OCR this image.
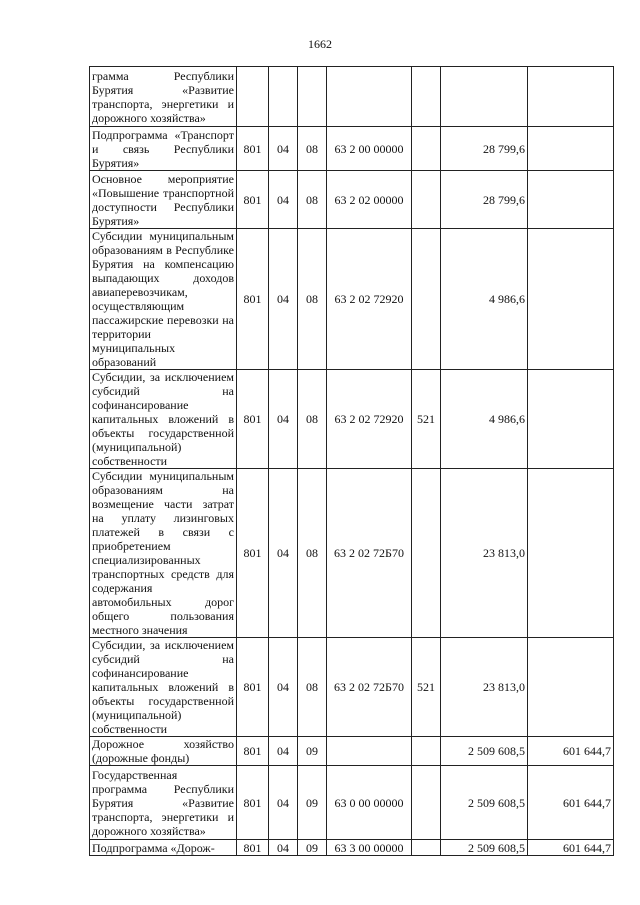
1662
грамма Республики Бурятия «Развитие транспорта, энергетики и дорожного хозяйства»							
Подпрограмма «Транспорт и связь Республики Бурятия»	801	04	08	63 2 00 00000		28 799,6	
Основное мероприятие «Повышение транспортной доступности Республики Бурятия»	801	04	08	63 2 02 00000		28 799,6	
Субсидии муниципальным образованиям в Республике Бурятия на компенсацию выпадающих доходов авиаперевозчикам, осуществляющим пассажирские перевозки на территории муниципальных образований	801	04	08	63 2 02 72920		4 986,6	
Субсидии, за исключением субсидий на софинансирование капитальных вложений в объекты государственной (муниципальной) собственности	801	04	08	63 2 02 72920	521	4 986,6	
Субсидии муниципальным образованиям на возмещение части затрат на уплату лизинговых платежей в связи с приобретением специализированных транспортных средств для содержания автомобильных дорог общего пользования местного значения	801	04	08	63 2 02 72Б70		23 813,0	
Субсидии, за исключением субсидий на софинансирование капитальных вложений в объекты государственной (муниципальной) собственности	801	04	08	63 2 02 72Б70	521	23 813,0	
Дорожное хозяйство (дорожные фонды)	801	04	09			2 509 608,5	601 644,7
Государственная программа Республики Бурятия «Развитие транспорта, энергетики и дорожного хозяйства»	801	04	09	63 0 00 00000		2 509 608,5	601 644,7
Подпрограмма «Дорож-	801	04	09	63 3 00 00000		2 509 608,5	601 644,7
